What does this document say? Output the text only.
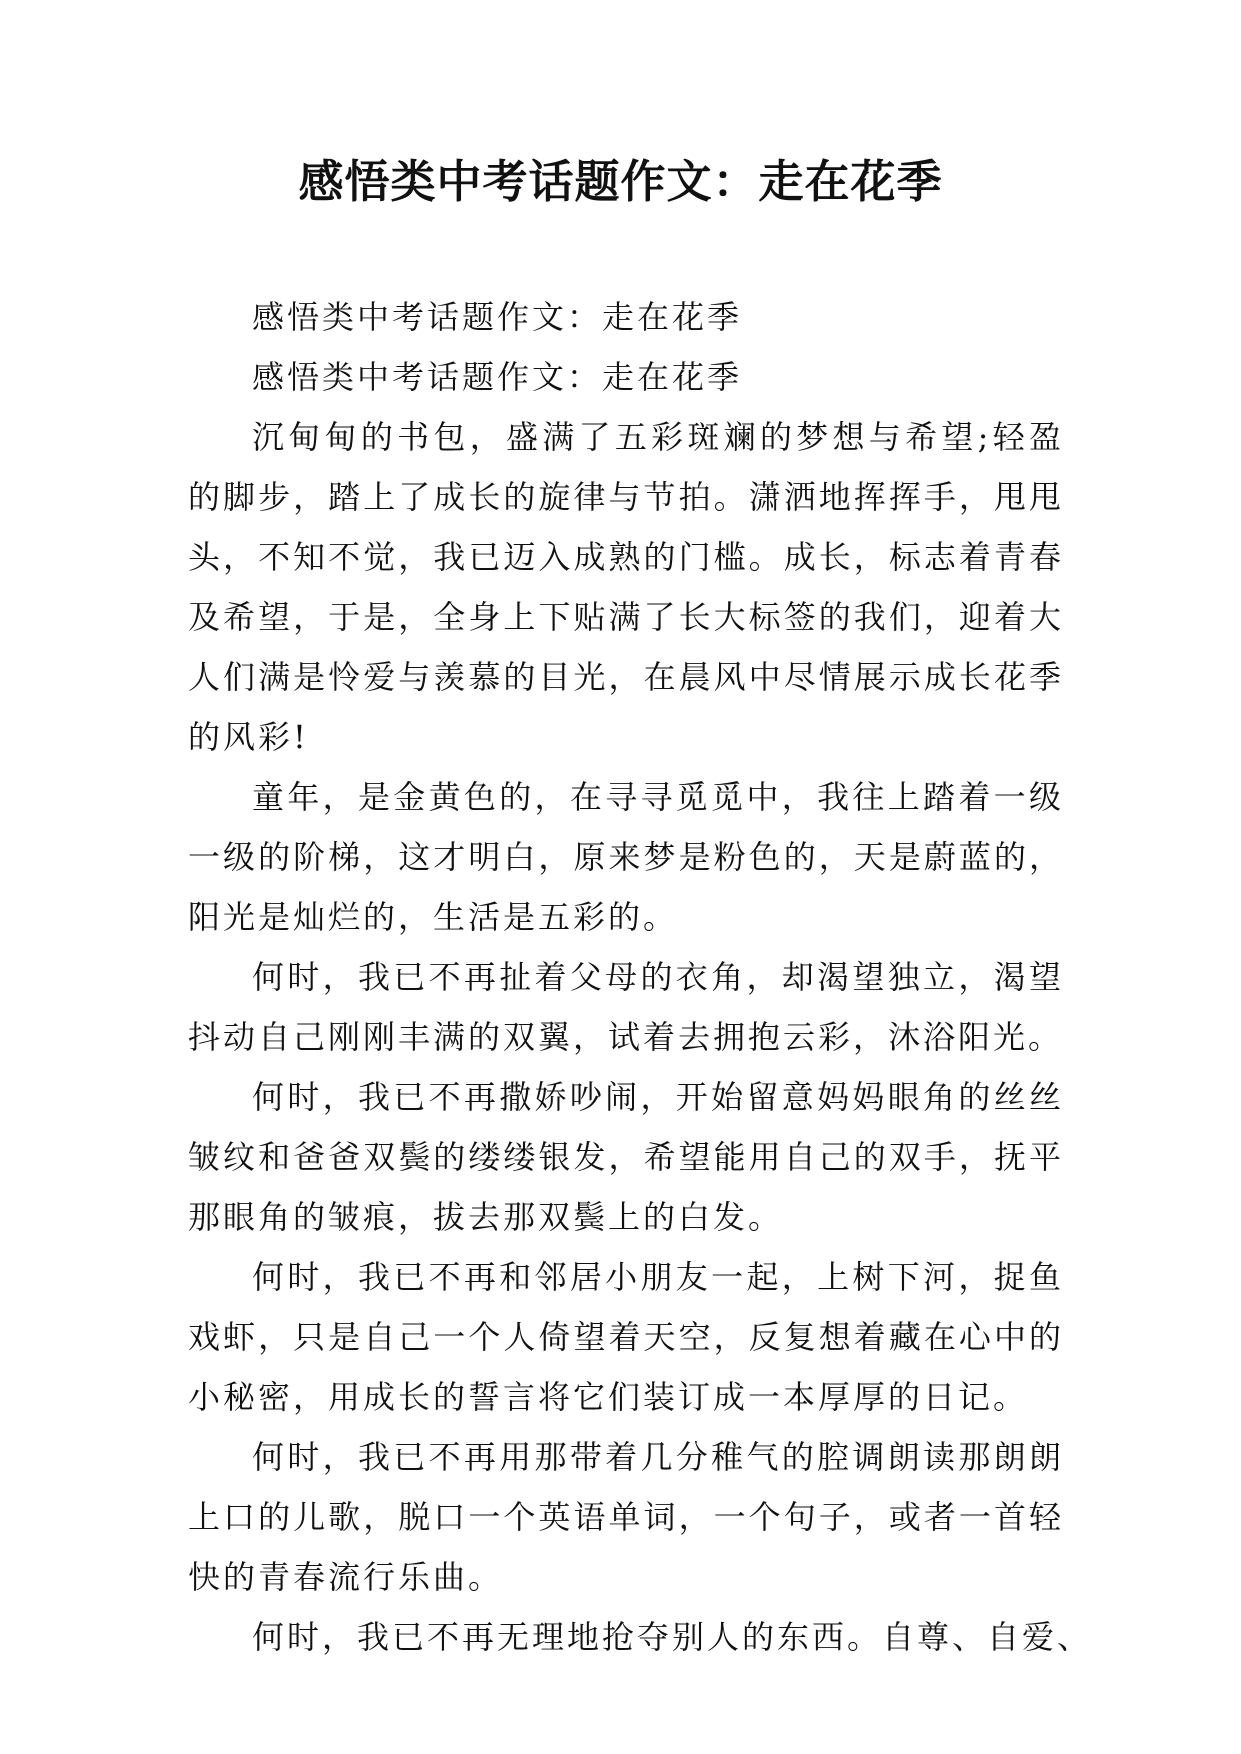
感悟类中考话题作文：走在花季

感悟类中考话题作文：走在花季

感悟类中考话题作文：走在花季

沉甸甸的书包，盛满了五彩斑斓的梦想与希望;轻盈的脚步，踏上了成长的旋律与节拍。潇洒地挥挥手，甩甩头，不知不觉，我已迈入成熟的门槛。成长，标志着青春及希望，于是，全身上下贴满了长大标签的我们，迎着大人们满是怜爱与羡慕的目光，在晨风中尽情展示成长花季的风彩!

童年，是金黄色的，在寻寻觅觅中，我往上踏着一级一级的阶梯，这才明白，原来梦是粉色的，天是蔚蓝的，阳光是灿烂的，生活是五彩的。

何时，我已不再扯着父母的衣角，却渴望独立，渴望抖动自己刚刚丰满的双翼，试着去拥抱云彩，沐浴阳光。

何时，我已不再撒娇吵闹，开始留意妈妈眼角的丝丝皱纹和爸爸双鬓的缕缕银发，希望能用自己的双手，抚平那眼角的皱痕，拔去那双鬓上的白发。

何时，我已不再和邻居小朋友一起，上树下河，捉鱼戏虾，只是自己一个人倚望着天空，反复想着藏在心中的小秘密，用成长的誓言将它们装订成一本厚厚的日记。

何时，我已不再用那带着几分稚气的腔调朗读那朗朗上口的儿歌，脱口一个英语单词，一个句子，或者一首轻快的青春流行乐曲。

何时，我已不再无理地抢夺别人的东西。自尊、自爱、
